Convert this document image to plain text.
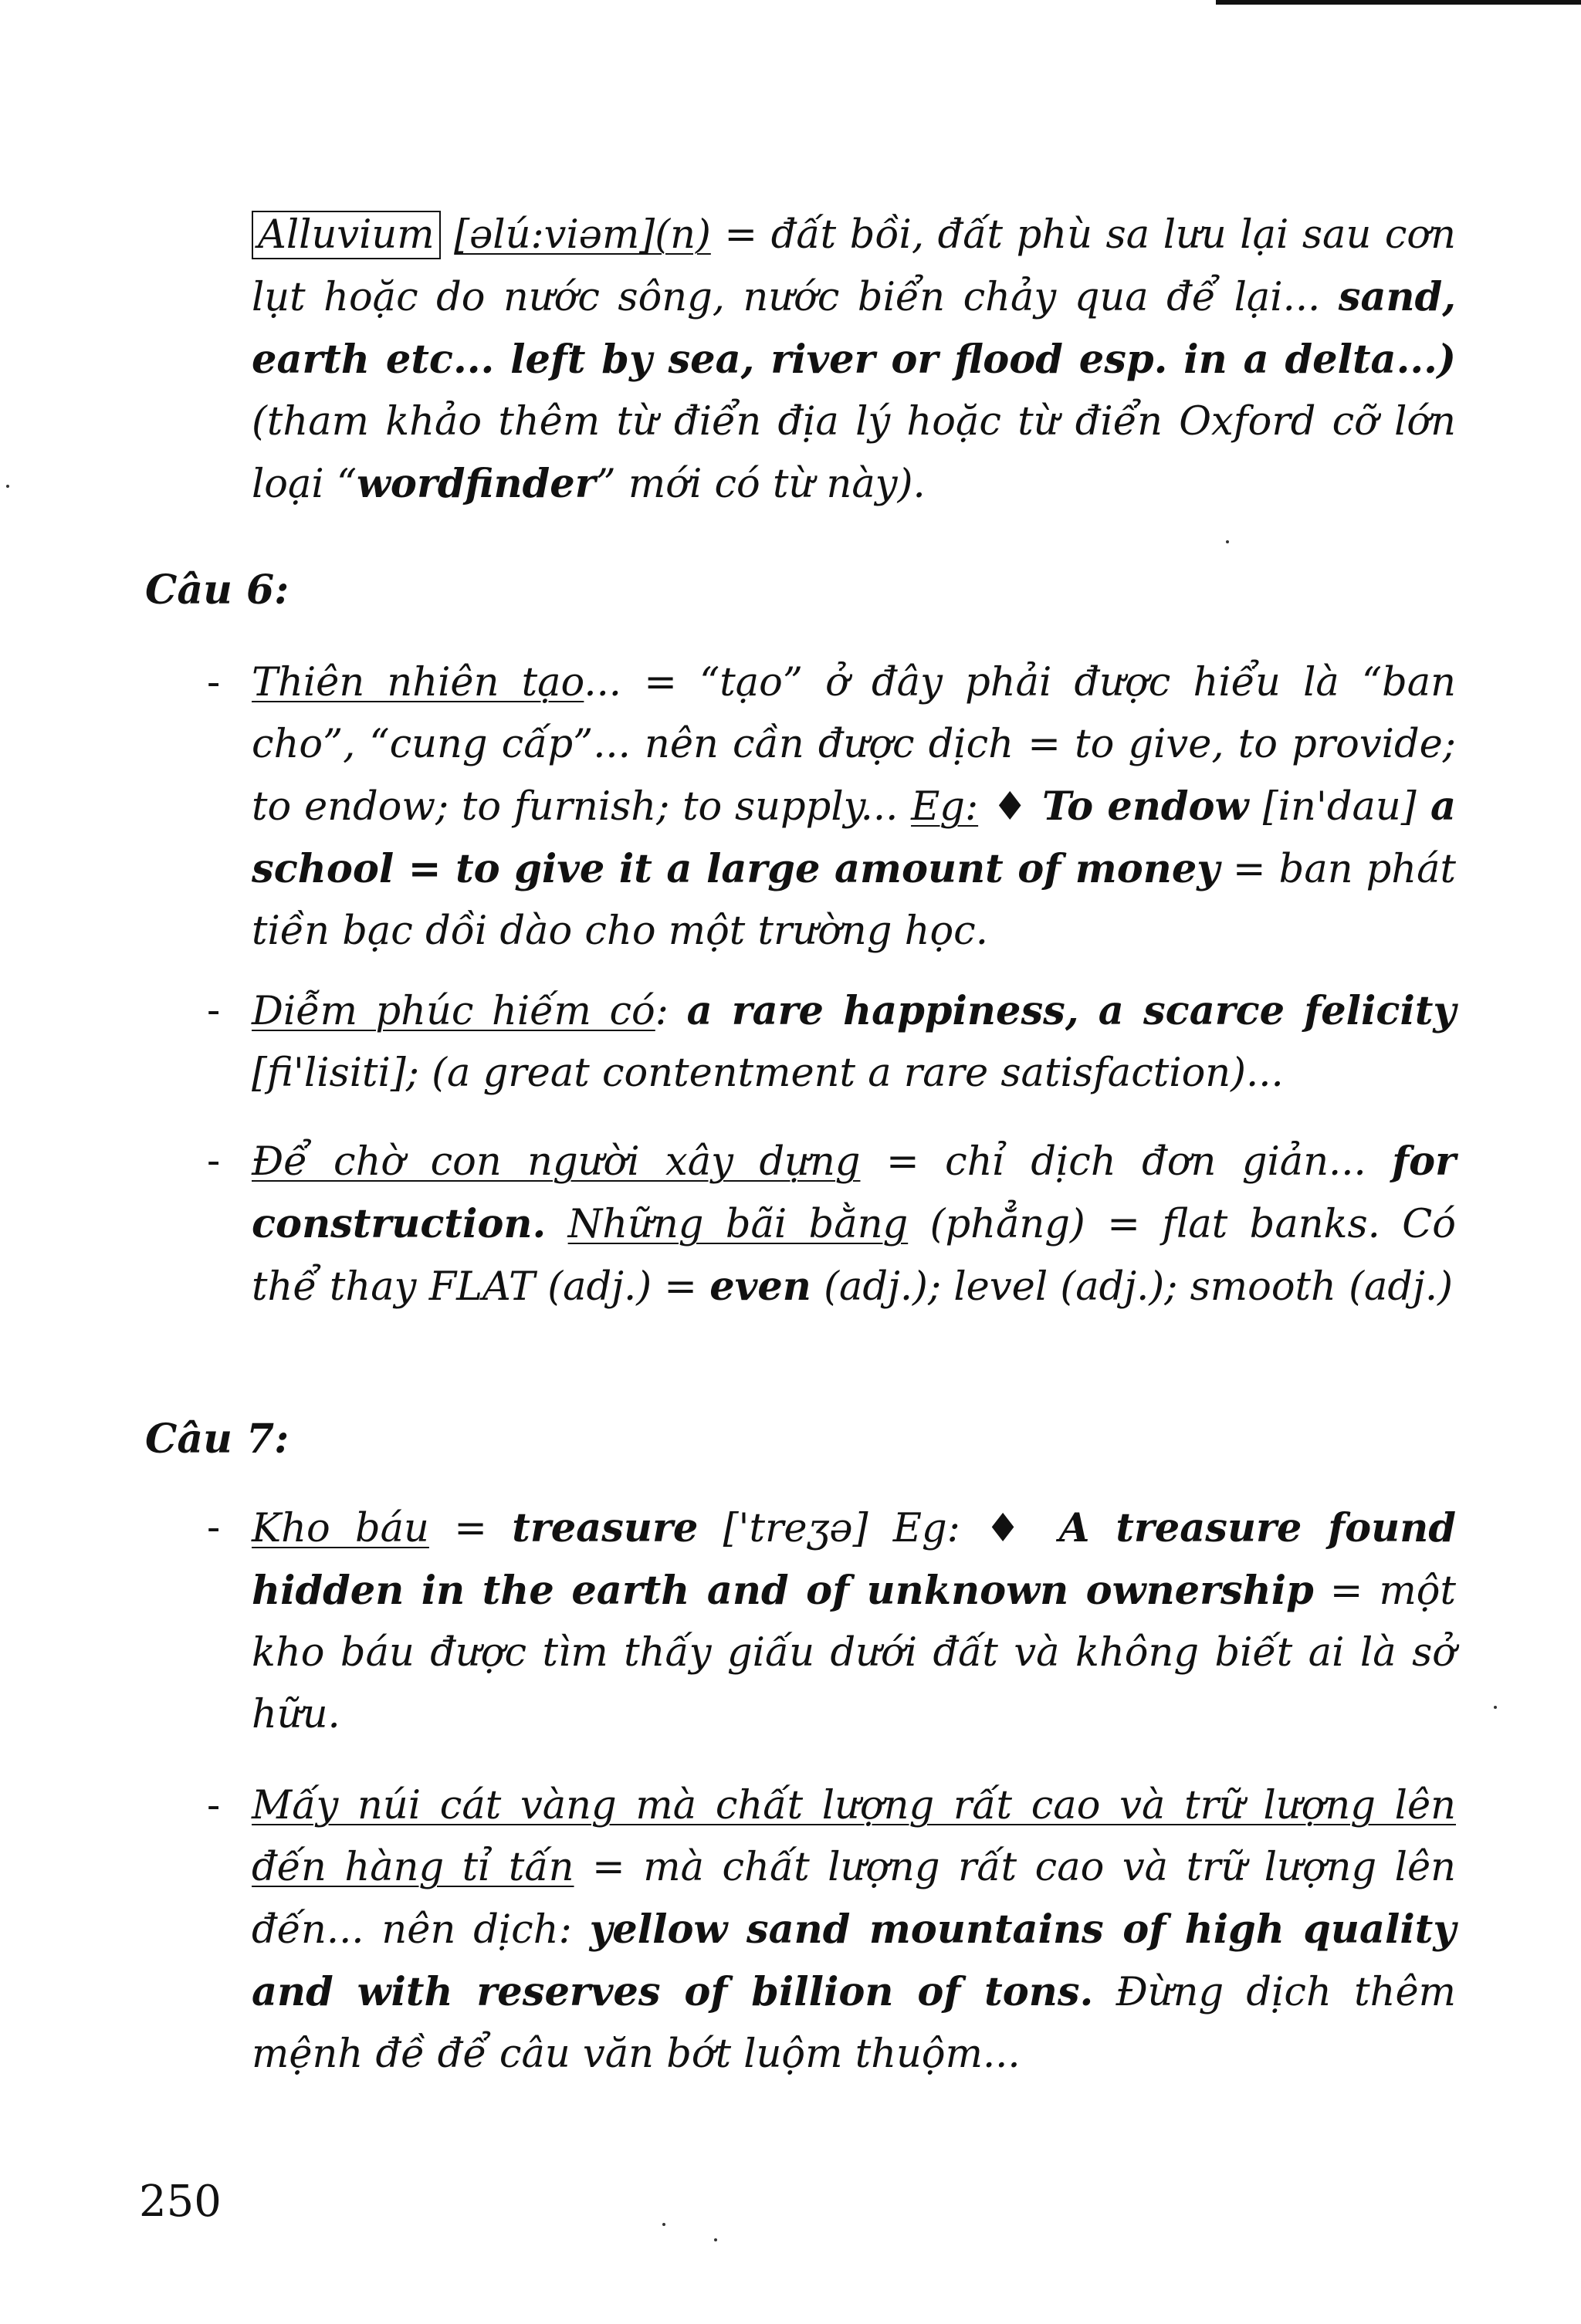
Alluvium [əlú:viəm](n) = đất bồi, đất phù sa lưu lại sau cơn lụt hoặc do nước sông, nước biển chảy qua để lại... sand, earth etc... left by sea, river or flood esp. in a delta...) (tham khảo thêm từ điển địa lý hoặc từ điển Oxford cỡ lớn loại “wordfinder” mới có từ này).

Câu 6:

- Thiên nhiên tạo... = “tạo” ở đây phải được hiểu là “ban cho”, “cung cấp”... nên cần được dịch = to give, to provide; to endow; to furnish; to supply... Eg: ♦ To endow [in'dau] a school = to give it a large amount of money = ban phát tiền bạc dồi dào cho một trường học.

- Diễm phúc hiếm có: a rare happiness, a scarce felicity [fi'lisiti]; (a great contentment a rare satisfaction)...

- Để chờ con người xây dựng = chỉ dịch đơn giản... for construction. Những bãi bằng (phẳng) = flat banks. Có thể thay FLAT (adj.) = even (adj.); level (adj.); smooth (adj.)

Câu 7:

- Kho báu = treasure ['treʒə] Eg: ♦ A treasure found hidden in the earth and of unknown ownership = một kho báu được tìm thấy giấu dưới đất và không biết ai là sở hữu.

- Mấy núi cát vàng mà chất lượng rất cao và trữ lượng lên đến hàng tỉ tấn = mà chất lượng rất cao và trữ lượng lên đến... nên dịch: yellow sand mountains of high quality and with reserves of billion of tons. Đừng dịch thêm mệnh đề để câu văn bớt luộm thuộm...

250
